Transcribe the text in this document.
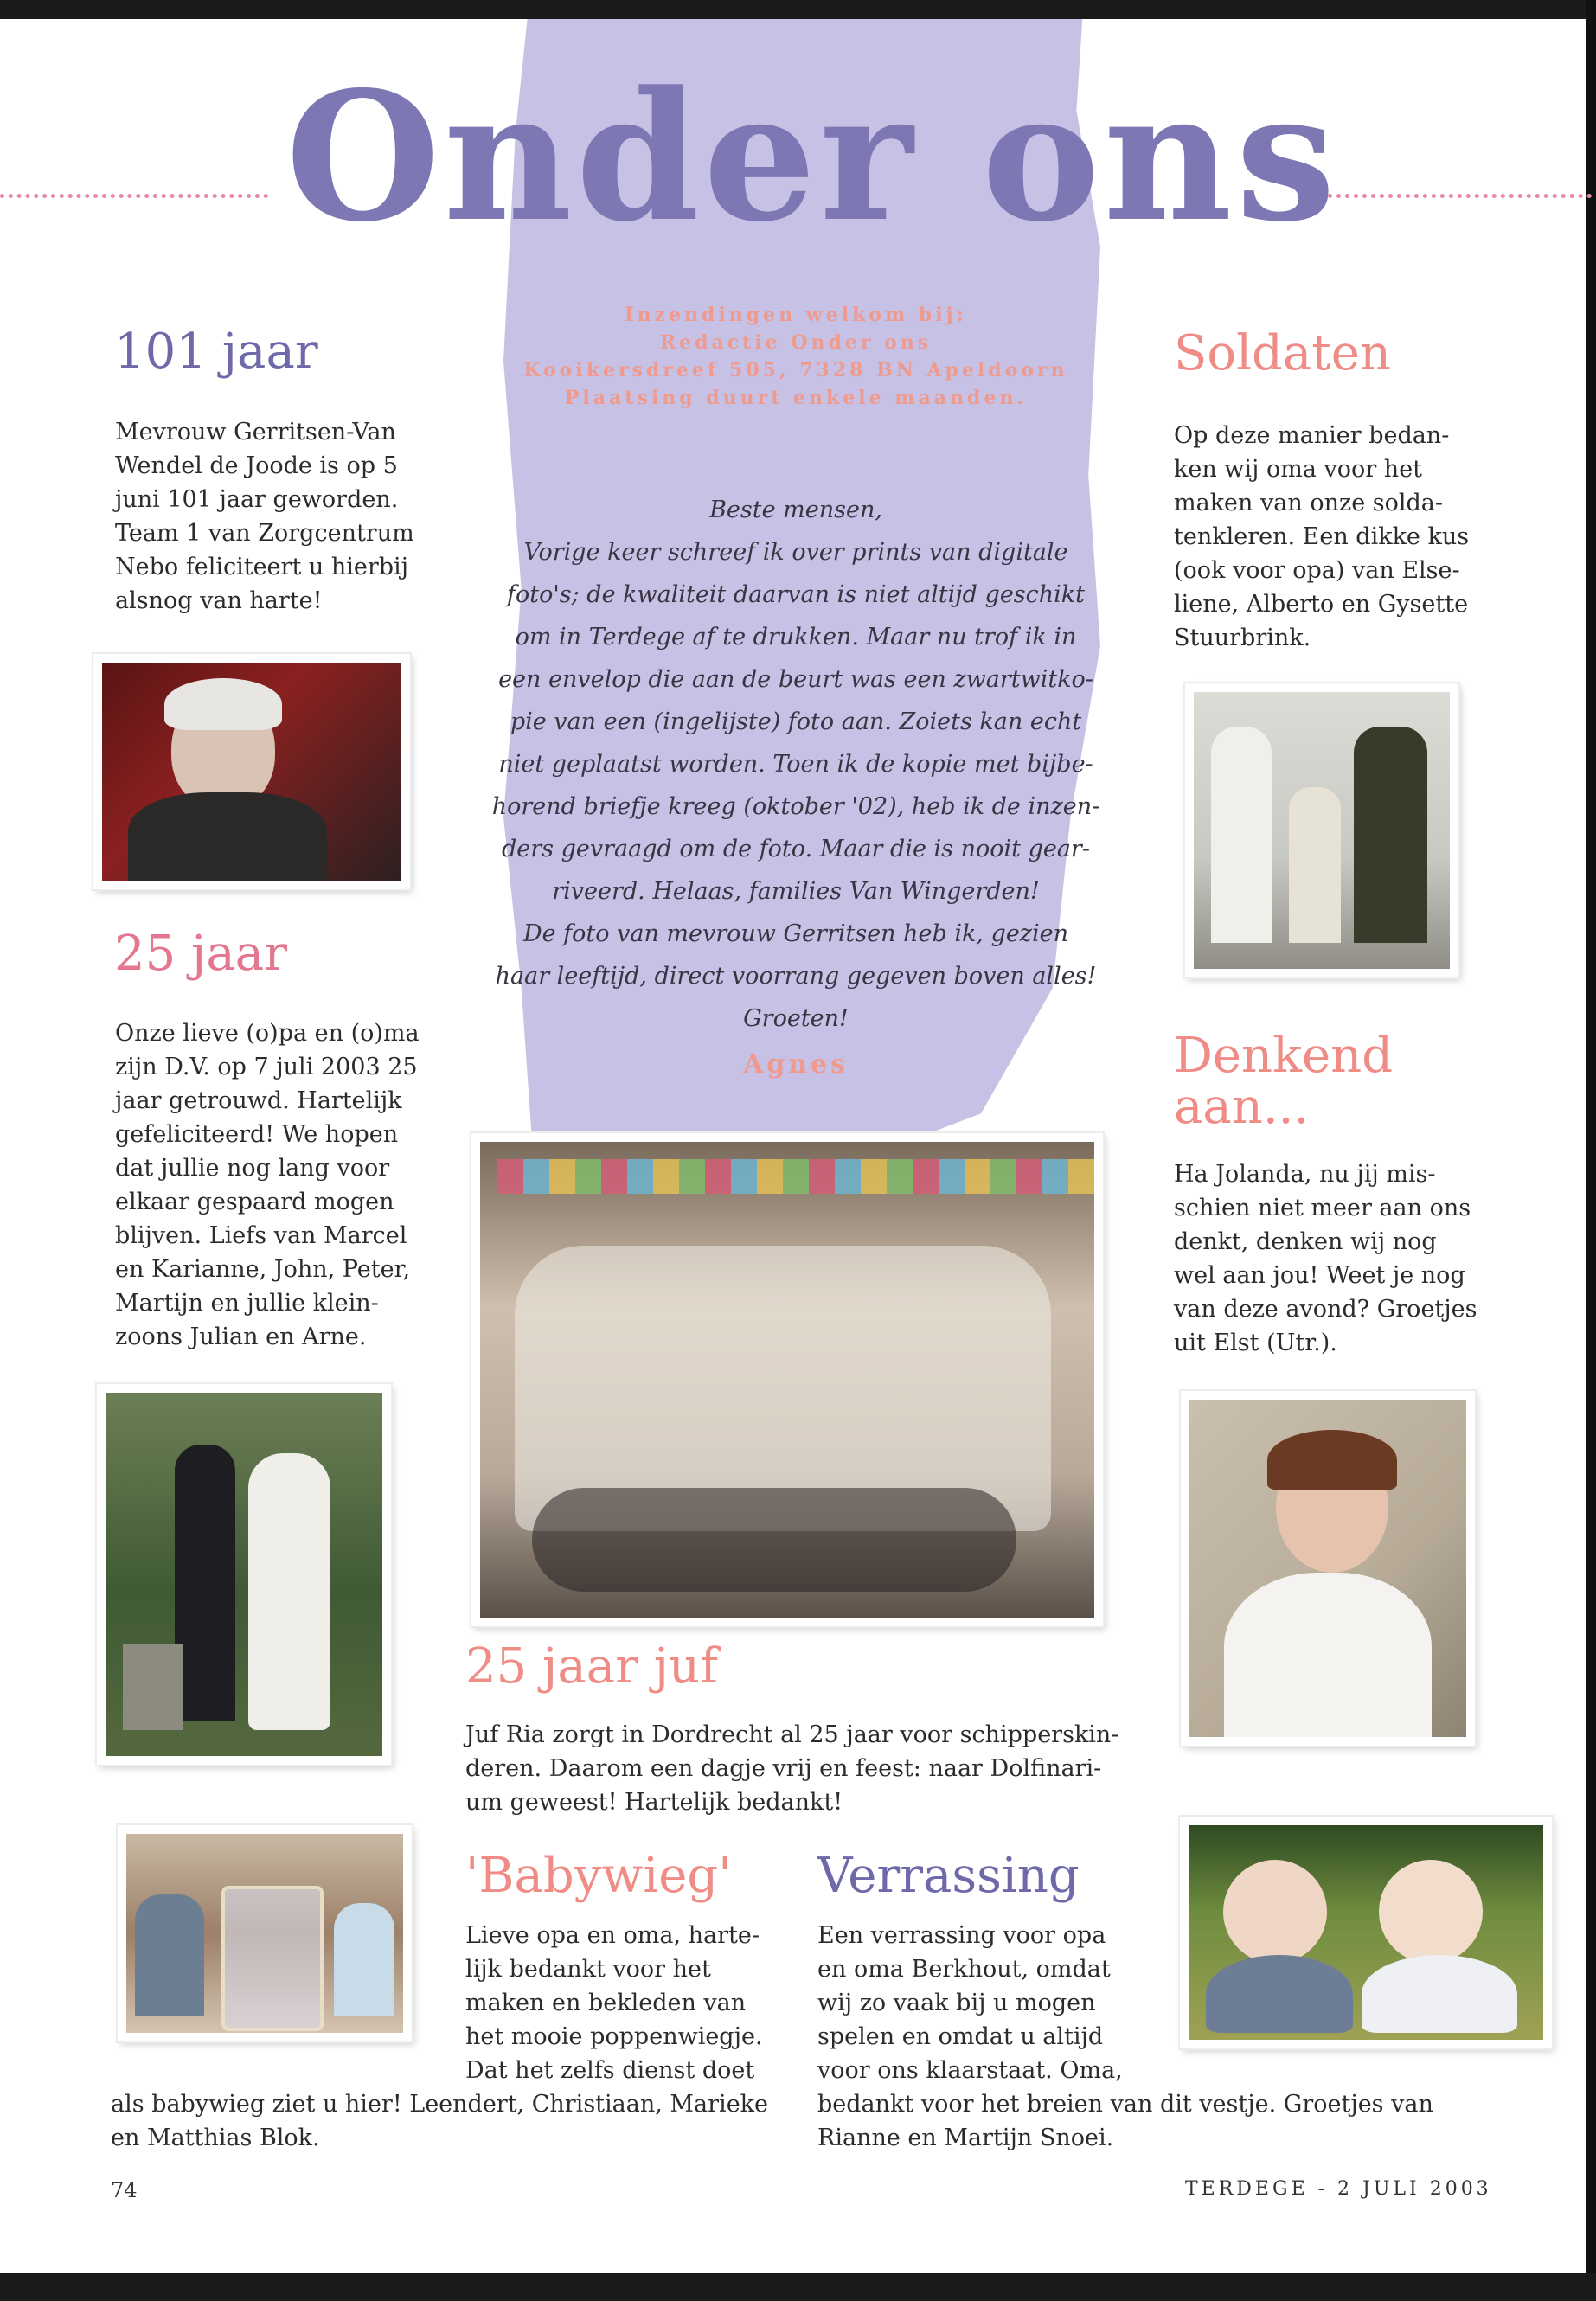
Onder ons
Inzendingen welkom bij:
Redactie Onder ons
Kooikersdreef 505, 7328 BN Apeldoorn
Plaatsing duurt enkele maanden.
Beste mensen,
Vorige keer schreef ik over prints van digitale
foto's; de kwaliteit daarvan is niet altijd geschikt
om in Terdege af te drukken. Maar nu trof ik in
een envelop die aan de beurt was een zwartwitko-
pie van een (ingelijste) foto aan. Zoiets kan echt
niet geplaatst worden. Toen ik de kopie met bijbe-
horend briefje kreeg (oktober '02), heb ik de inzen-
ders gevraagd om de foto. Maar die is nooit gear-
riveerd. Helaas, families Van Wingerden!
De foto van mevrouw Gerritsen heb ik, gezien
haar leeftijd, direct voorrang gegeven boven alles!
Groeten!
Agnes
101 jaar
Mevrouw Gerritsen-Van
Wendel de Joode is op 5
juni 101 jaar geworden.
Team 1 van Zorgcentrum
Nebo feliciteert u hierbij
alsnog van harte!
25 jaar
Onze lieve (o)pa en (o)ma
zijn D.V. op 7 juli 2003 25
jaar getrouwd. Hartelijk
gefeliciteerd! We hopen
dat jullie nog lang voor
elkaar gespaard mogen
blijven. Liefs van Marcel
en Karianne, John, Peter,
Martijn en jullie klein-
zoons Julian en Arne.
Soldaten
Op deze manier bedan-
ken wij oma voor het
maken van onze solda-
tenkleren. Een dikke kus
(ook voor opa) van Else-
liene, Alberto en Gysette
Stuurbrink.
Denkend
aan...
Ha Jolanda, nu jij mis-
schien niet meer aan ons
denkt, denken wij nog
wel aan jou! Weet je nog
van deze avond? Groetjes
uit Elst (Utr.).
25 jaar juf
Juf Ria zorgt in Dordrecht al 25 jaar voor schipperskin-
deren. Daarom een dagje vrij en feest: naar Dolfinari-
um geweest! Hartelijk bedankt!
'Babywieg'
Lieve opa en oma, harte-
lijk bedankt voor het
maken en bekleden van
het mooie poppenwiegje.
Dat het zelfs dienst doet
als babywieg ziet u hier! Leendert, Christiaan, Marieke
en Matthias Blok.
Verrassing
Een verrassing voor opa
en oma Berkhout, omdat
wij zo vaak bij u mogen
spelen en omdat u altijd
voor ons klaarstaat. Oma,
bedankt voor het breien van dit vestje. Groetjes van
Rianne en Martijn Snoei.
74	TERDEGE - 2 JULI 2003
